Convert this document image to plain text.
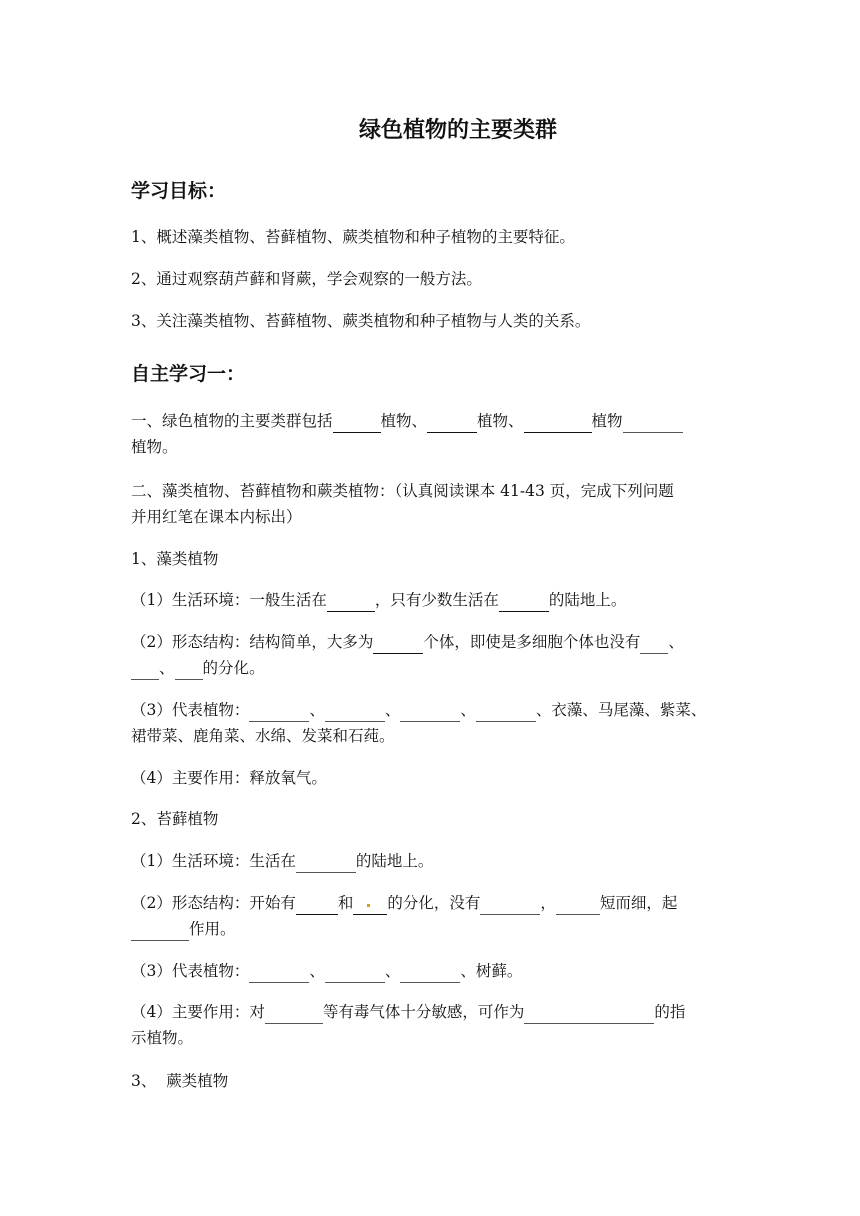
绿色植物的主要类群
学习目标：
1、概述藻类植物、苔藓植物、蕨类植物和种子植物的主要特征。
2、通过观察葫芦藓和肾蕨，学会观察的一般方法。
3、关注藻类植物、苔藓植物、蕨类植物和种子植物与人类的关系。
自主学习一：
一、绿色植物的主要类群包括	植物、	植物、	植物
植物。
二、藻类植物、苔藓植物和蕨类植物：（认真阅读课本 41-43 页，完成下列问题
并用红笔在课本内标出）
1、藻类植物
（1）生活环境：一般生活在	，只有少数生活在	的陆地上。
（2）形态结构：结构简单，大多为	个体，即使是多细胞个体也没有 、
、 的分化。
（3）代表植物：	、	、	、	、衣藻、马尾藻、紫菜、
裙带菜、鹿角菜、水绵、发菜和石莼。
（4）主要作用：释放氧气。
2、苔藓植物
（1）生活环境：生活在	的陆地上。
（2）形态结构：开始有	和 的分化，没有	，	短而细，起
作用。
（3）代表植物：	、	、	、树藓。
（4）主要作用：对	等有毒气体十分敏感，可作为	的指
示植物。
3、  蕨类植物
